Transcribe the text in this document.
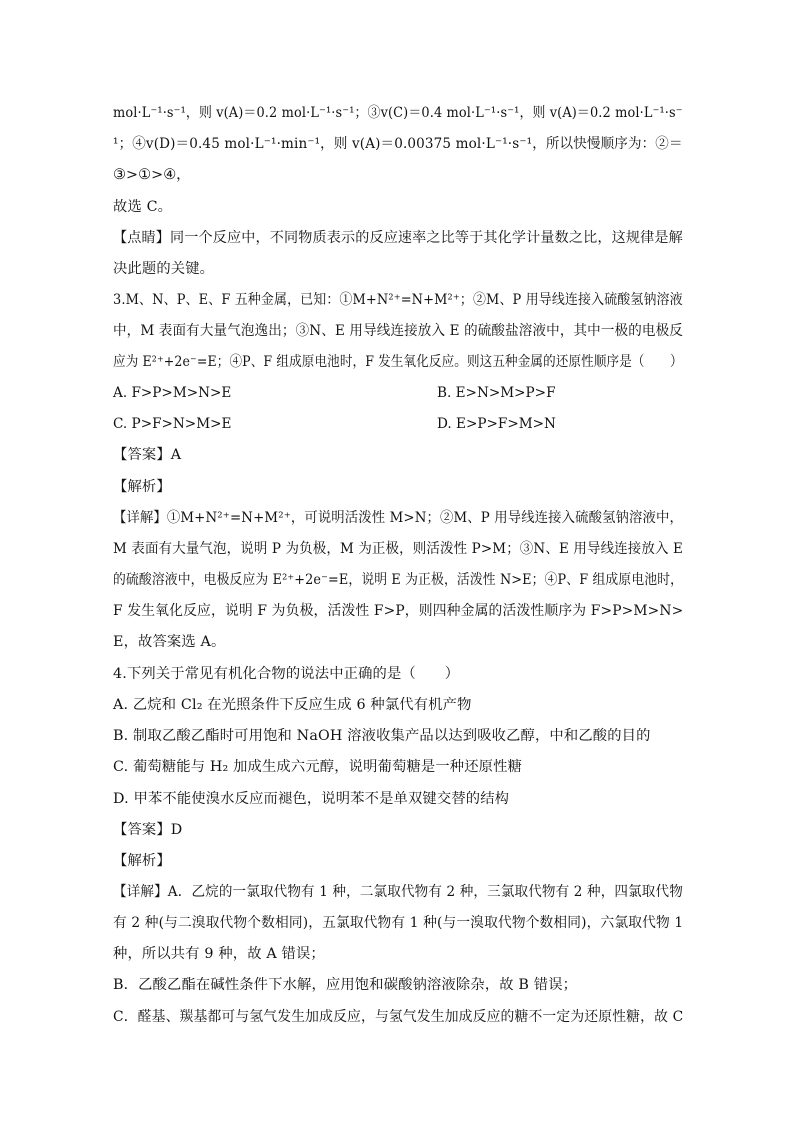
mol·L⁻¹·s⁻¹，则 v(A)＝0.2 mol·L⁻¹·s⁻¹；③v(C)＝0.4 mol·L⁻¹·s⁻¹，则 v(A)＝0.2 mol·L⁻¹·s⁻
¹；④v(D)＝0.45 mol·L⁻¹·min⁻¹，则 v(A)＝0.00375 mol·L⁻¹·s⁻¹，所以快慢顺序为：②＝
③>①>④，
故选 C。
【点睛】同一个反应中，不同物质表示的反应速率之比等于其化学计量数之比，这规律是解
决此题的关键。
3.M、N、P、E、F 五种金属，已知：①M+N²⁺=N+M²⁺；②M、P 用导线连接入硫酸氢钠溶液
中，M 表面有大量气泡逸出；③N、E 用导线连接放入 E 的硫酸盐溶液中，其中一极的电极反
应为 E²⁺+2e⁻=E；④P、F 组成原电池时，F 发生氧化反应。则这五种金属的还原性顺序是（　　）
A. F>P>M>N>E	B. E>N>M>P>F
C. P>F>N>M>E	D. E>P>F>M>N
【答案】A
【解析】
【详解】①M+N²⁺=N+M²⁺，可说明活泼性 M>N；②M、P 用导线连接入硫酸氢钠溶液中，
M 表面有大量气泡，说明 P 为负极，M 为正极，则活泼性 P>M；③N、E 用导线连接放入 E
的硫酸溶液中，电极反应为 E²⁺+2e⁻=E，说明 E 为正极，活泼性 N>E；④P、F 组成原电池时，
F 发生氧化反应，说明 F 为负极，活泼性 F>P，则四种金属的活泼性顺序为 F>P>M>N>
E，故答案选 A。
4.下列关于常见有机化合物的说法中正确的是（　　）
A. 乙烷和 Cl₂ 在光照条件下反应生成 6 种氯代有机产物
B. 制取乙酸乙酯时可用饱和 NaOH 溶液收集产品以达到吸收乙醇，中和乙酸的目的
C. 葡萄糖能与 H₂ 加成生成六元醇，说明葡萄糖是一种还原性糖
D. 甲苯不能使溴水反应而褪色，说明苯不是单双键交替的结构
【答案】D
【解析】
【详解】A．乙烷的一氯取代物有 1 种，二氯取代物有 2 种，三氯取代物有 2 种，四氯取代物
有 2 种(与二溴取代物个数相同)，五氯取代物有 1 种(与一溴取代物个数相同)，六氯取代物 1
种，所以共有 9 种，故 A 错误；
B．乙酸乙酯在碱性条件下水解，应用饱和碳酸钠溶液除杂，故 B 错误；
C．醛基、羰基都可与氢气发生加成反应，与氢气发生加成反应的糖不一定为还原性糖，故 C
